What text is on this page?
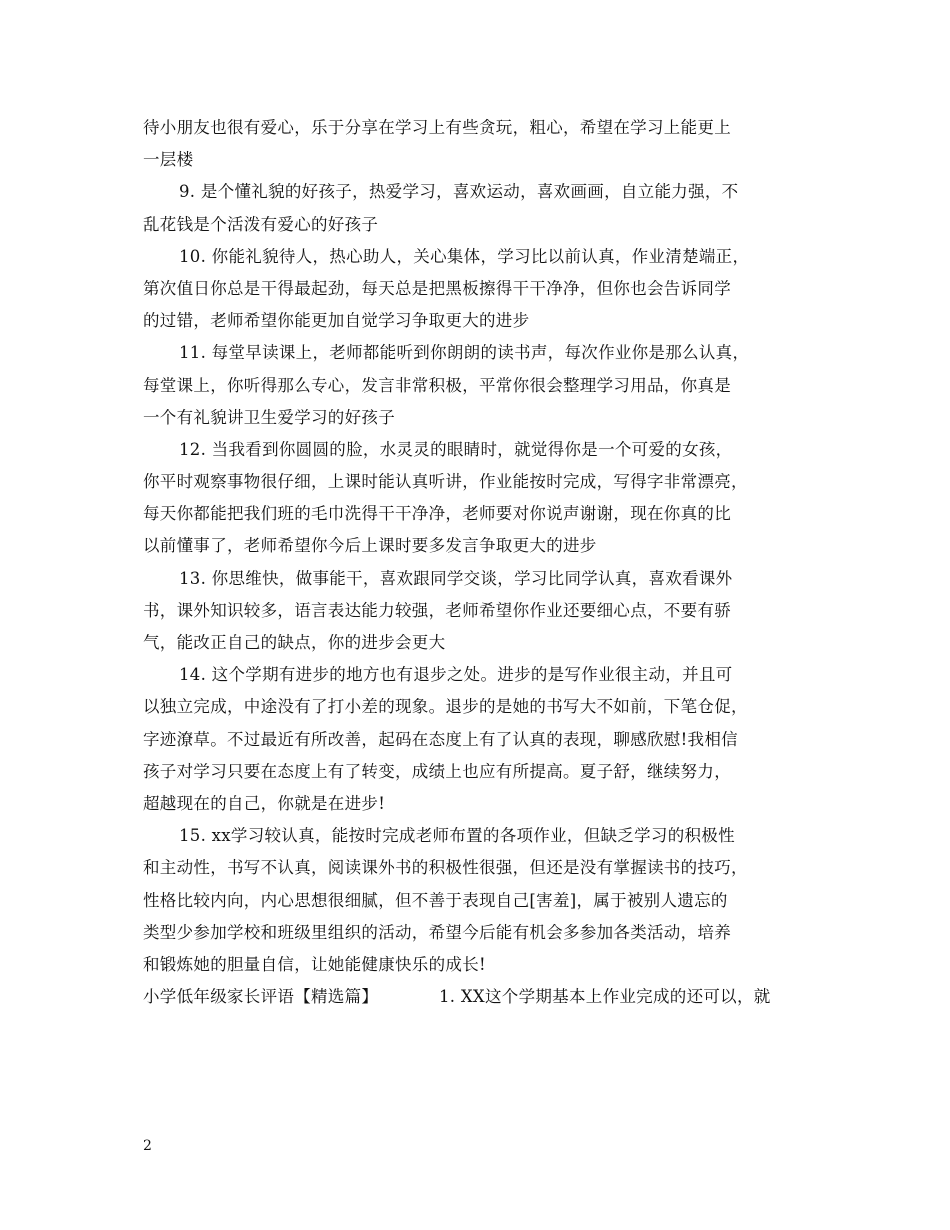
待小朋友也很有爱心，乐于分享在学习上有些贪玩，粗心，希望在学习上能更上
一层楼
9. 是个懂礼貌的好孩子，热爱学习，喜欢运动，喜欢画画，自立能力强，不
乱花钱是个活泼有爱心的好孩子
10. 你能礼貌待人，热心助人，关心集体，学习比以前认真，作业清楚端正，
第次值日你总是干得最起劲，每天总是把黑板擦得干干净净，但你也会告诉同学
的过错，老师希望你能更加自觉学习争取更大的进步
11. 每堂早读课上，老师都能听到你朗朗的读书声，每次作业你是那么认真，
每堂课上，你听得那么专心，发言非常积极，平常你很会整理学习用品，你真是
一个有礼貌讲卫生爱学习的好孩子
12. 当我看到你圆圆的脸，水灵灵的眼睛时，就觉得你是一个可爱的女孩，
你平时观察事物很仔细，上课时能认真听讲，作业能按时完成，写得字非常漂亮，
每天你都能把我们班的毛巾洗得干干净净，老师要对你说声谢谢，现在你真的比
以前懂事了，老师希望你今后上课时要多发言争取更大的进步
13. 你思维快，做事能干，喜欢跟同学交谈，学习比同学认真，喜欢看课外
书，课外知识较多，语言表达能力较强，老师希望你作业还要细心点，不要有骄
气，能改正自己的缺点，你的进步会更大
14. 这个学期有进步的地方也有退步之处。进步的是写作业很主动，并且可
以独立完成，中途没有了打小差的现象。退步的是她的书写大不如前，下笔仓促，
字迹潦草。不过最近有所改善，起码在态度上有了认真的表现，聊感欣慰!我相信
孩子对学习只要在态度上有了转变，成绩上也应有所提高。夏子舒，继续努力，
超越现在的自己，你就是在进步!
15. xx学习较认真，能按时完成老师布置的各项作业，但缺乏学习的积极性
和主动性，书写不认真，阅读课外书的积极性很强，但还是没有掌握读书的技巧，
性格比较内向，内心思想很细腻，但不善于表现自己[害羞]，属于被别人遗忘的
类型少参加学校和班级里组织的活动，希望今后能有机会多参加各类活动，培养
和锻炼她的胆量自信，让她能健康快乐的成长!
小学低年级家长评语【精选篇】	1. XX这个学期基本上作业完成的还可以，就
2
